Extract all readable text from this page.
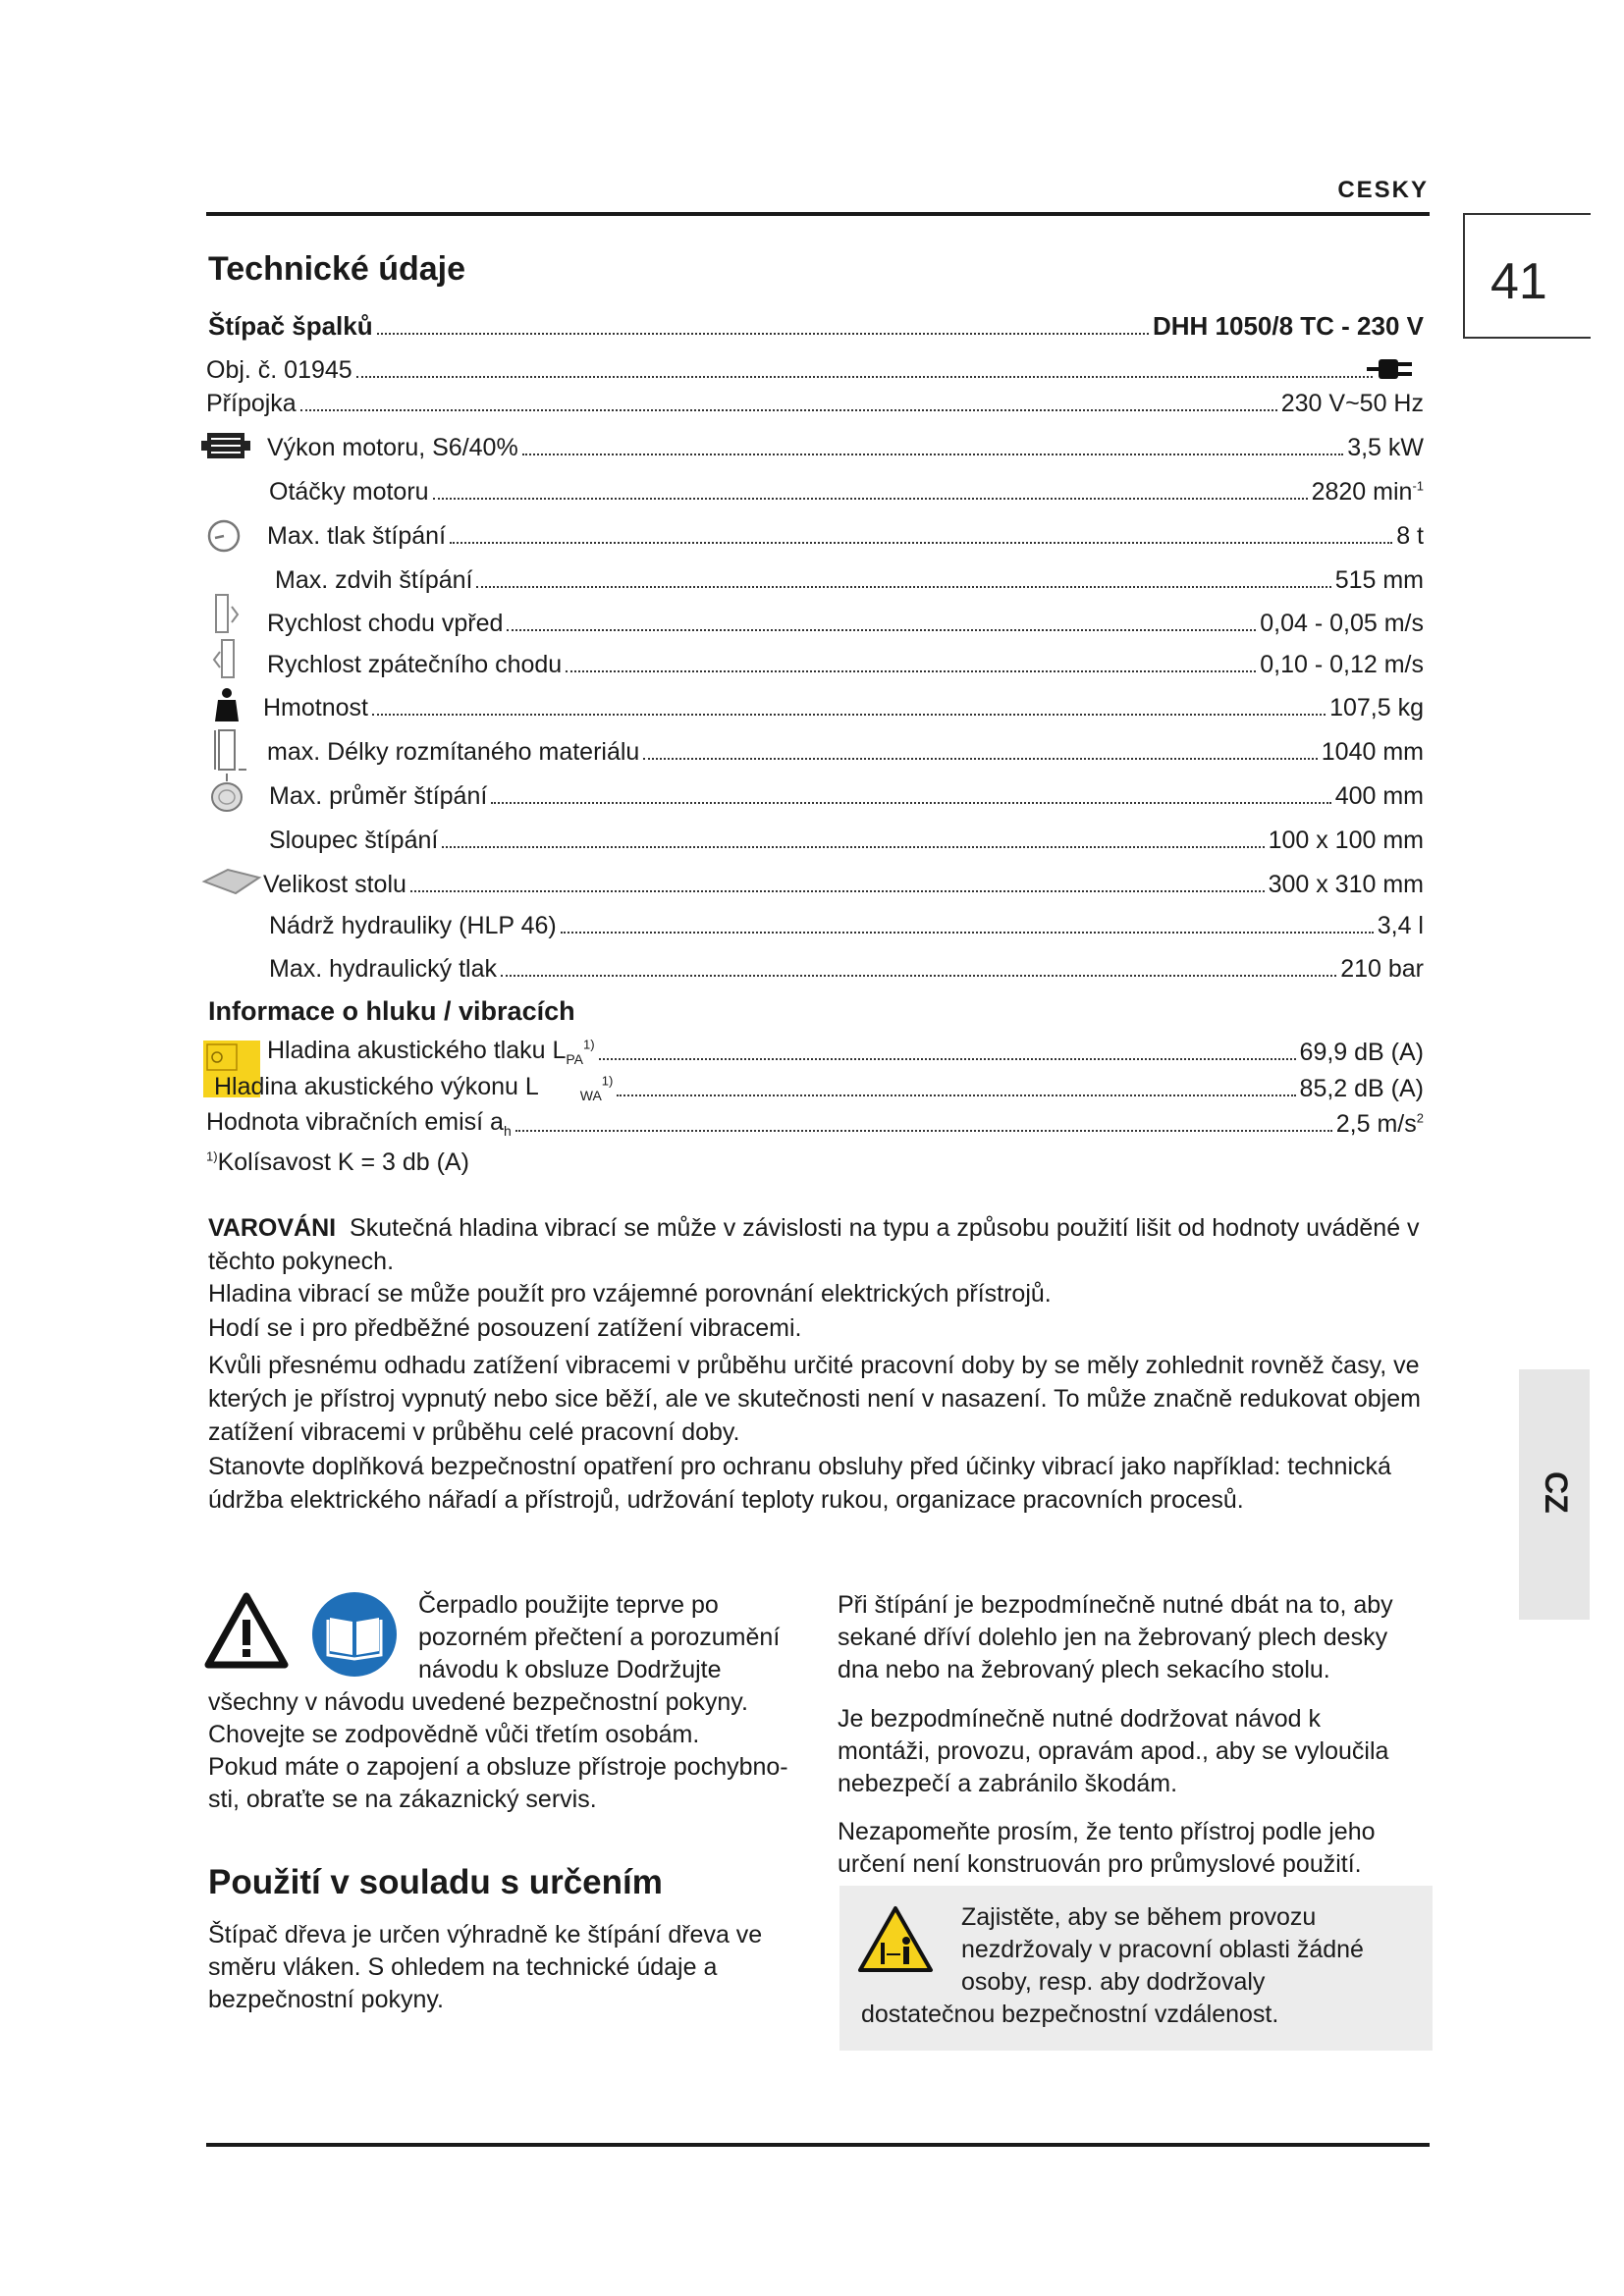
CESKY
41
CZ
Technické údaje
Štípač špalků	DHH 1050/8 TC - 230 V
Obj. č. 01945
Přípojka	230 V~50 Hz
Výkon motoru, S6/40%	3,5 kW
Otáčky motoru	2820 $\min^{-1}$
Max. tlak štípání	8 t
Max. zdvih štípání	515 mm
Rychlost chodu vpřed	0,04 - 0,05 m/s
Rychlost zpátečního chodu	0,10 - 0,12 m/s
Hmotnost	107,5 kg
max. Délky rozmítaného materiálu	1040 mm
Max. průměr štípání	400 mm
Sloupec štípání	100 x 100 mm
Velikost stolu	300 x 310 mm
Nádrž hydrauliky (HLP 46)	3,4 l
Max. hydraulický tlak	210 bar
Informace o hluku / vibracích
Hladina akustického tlaku $L_{PA}^{1)}$	69,9 dB (A)
Hladina akustického výkonu L	$_{WA}^{1)}$	85,2 dB (A)
Hodnota vibračních emisí $a_h$	2,5 $m/s^2$
$^{1)}$Kolísavost K = 3 db (A)
VAROVÁNI Skutečná hladina vibrací se může v závislosti na typu a způsobu použití lišit od hodnoty uváděné v těchto pokynech.
Hladina vibrací se může použít pro vzájemné porovnání elektrických přístrojů.
Hodí se i pro předběžné posouzení zatížení vibracemi.
Kvůli přesnému odhadu zatížení vibracemi v průběhu určité pracovní doby by se měly zohlednit rovněž časy, ve kterých je přístroj vypnutý nebo sice běží, ale ve skutečnosti není v nasazení. To může značně redukovat objem zatížení vibracemi v průběhu celé pracovní doby.
Stanovte doplňková bezpečnostní opatření pro ochranu obsluhy před účinky vibrací jako například: technická údržba elektrického nářadí a přístrojů, udržování teploty rukou, organizace pracovních procesů.
Čerpadlo použijte teprve po
pozorném přečtení a porozumění
návodu k obsluze Dodržujte
všechny v návodu uvedené bezpečnostní pokyny.
Chovejte se zodpovědně vůči třetím osobám.
Pokud máte o zapojení a obsluze přístroje pochybno-sti, obraťte se na zákaznický servis.
Použití v souladu s určením
Štípač dřeva je určen výhradně ke štípání dřeva ve směru vláken. S ohledem na technické údaje a bezpečnostní pokyny.
Při štípání je bezpodmínečně nutné dbát na to, aby sekané dříví dolehlo jen na žebrovaný plech desky dna nebo na žebrovaný plech sekacího stolu.
Je bezpodmínečně nutné dodržovat návod k montáži, provozu, opravám apod., aby se vyloučila nebezpečí a zabránilo škodám.
Nezapomeňte prosím, že tento přístroj podle jeho určení není konstruován pro průmyslové použití.
Zajistěte, aby se během provozu
nezdržovaly v pracovní oblasti žádné
osoby, resp. aby dodržovaly
dostatečnou bezpečnostní vzdálenost.
